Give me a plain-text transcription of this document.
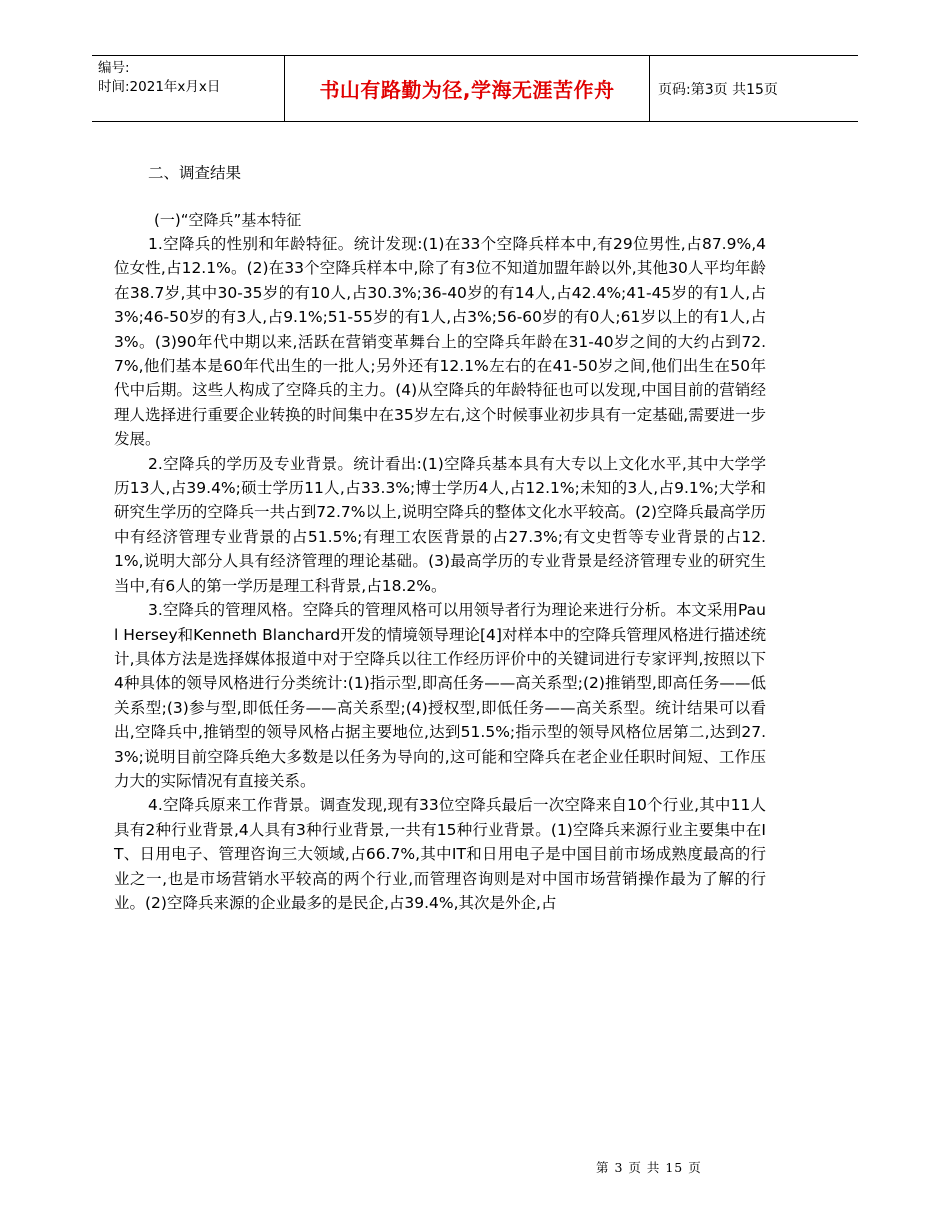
编号:
时间:2021年x月x日	书山有路勤为径,学海无涯苦作舟	页码:第3页 共15页
二、调查结果
(一)“空降兵”基本特征

1.空降兵的性别和年龄特征。统计发现:(1)在33个空降兵样本中,有29位男性,占87.9%,4位女性,占12.1%。(2)在33个空降兵样本中,除了有3位不知道加盟年龄以外,其他30人平均年龄在38.7岁,其中30-35岁的有10人,占30.3%;36-40岁的有14人,占42.4%;41-45岁的有1人,占3%;46-50岁的有3人,占9.1%;51-55岁的有1人,占3%;56-60岁的有0人;61岁以上的有1人,占3%。(3)90年代中期以来,活跃在营销变革舞台上的空降兵年龄在31-40岁之间的大约占到72.7%,他们基本是60年代出生的一批人;另外还有12.1%左右的在41-50岁之间,他们出生在50年代中后期。这些人构成了空降兵的主力。(4)从空降兵的年龄特征也可以发现,中国目前的营销经理人选择进行重要企业转换的时间集中在35岁左右,这个时候事业初步具有一定基础,需要进一步发展。

2.空降兵的学历及专业背景。统计看出:(1)空降兵基本具有大专以上文化水平,其中大学学历13人,占39.4%;硕士学历11人,占33.3%;博士学历4人,占12.1%;未知的3人,占9.1%;大学和研究生学历的空降兵一共占到72.7%以上,说明空降兵的整体文化水平较高。(2)空降兵最高学历中有经济管理专业背景的占51.5%;有理工农医背景的占27.3%;有文史哲等专业背景的占12.1%,说明大部分人具有经济管理的理论基础。(3)最高学历的专业背景是经济管理专业的研究生当中,有6人的第一学历是理工科背景,占18.2%。

3.空降兵的管理风格。空降兵的管理风格可以用领导者行为理论来进行分析。本文采用Paul Hersey和Kenneth Blanchard开发的情境领导理论[4]对样本中的空降兵管理风格进行描述统计,具体方法是选择媒体报道中对于空降兵以往工作经历评价中的关键词进行专家评判,按照以下4种具体的领导风格进行分类统计:(1)指示型,即高任务——高关系型;(2)推销型,即高任务——低关系型;(3)参与型,即低任务——高关系型;(4)授权型,即低任务——高关系型。统计结果可以看出,空降兵中,推销型的领导风格占据主要地位,达到51.5%;指示型的领导风格位居第二,达到27.3%;说明目前空降兵绝大多数是以任务为导向的,这可能和空降兵在老企业任职时间短、工作压力大的实际情况有直接关系。

4.空降兵原来工作背景。调查发现,现有33位空降兵最后一次空降来自10个行业,其中11人具有2种行业背景,4人具有3种行业背景,一共有15种行业背景。(1)空降兵来源行业主要集中在IT、日用电子、管理咨询三大领域,占66.7%,其中IT和日用电子是中国目前市场成熟度最高的行业之一,也是市场营销水平较高的两个行业,而管理咨询则是对中国市场营销操作最为了解的行业。(2)空降兵来源的企业最多的是民企,占39.4%,其次是外企,占

第 3 页 共 15 页
